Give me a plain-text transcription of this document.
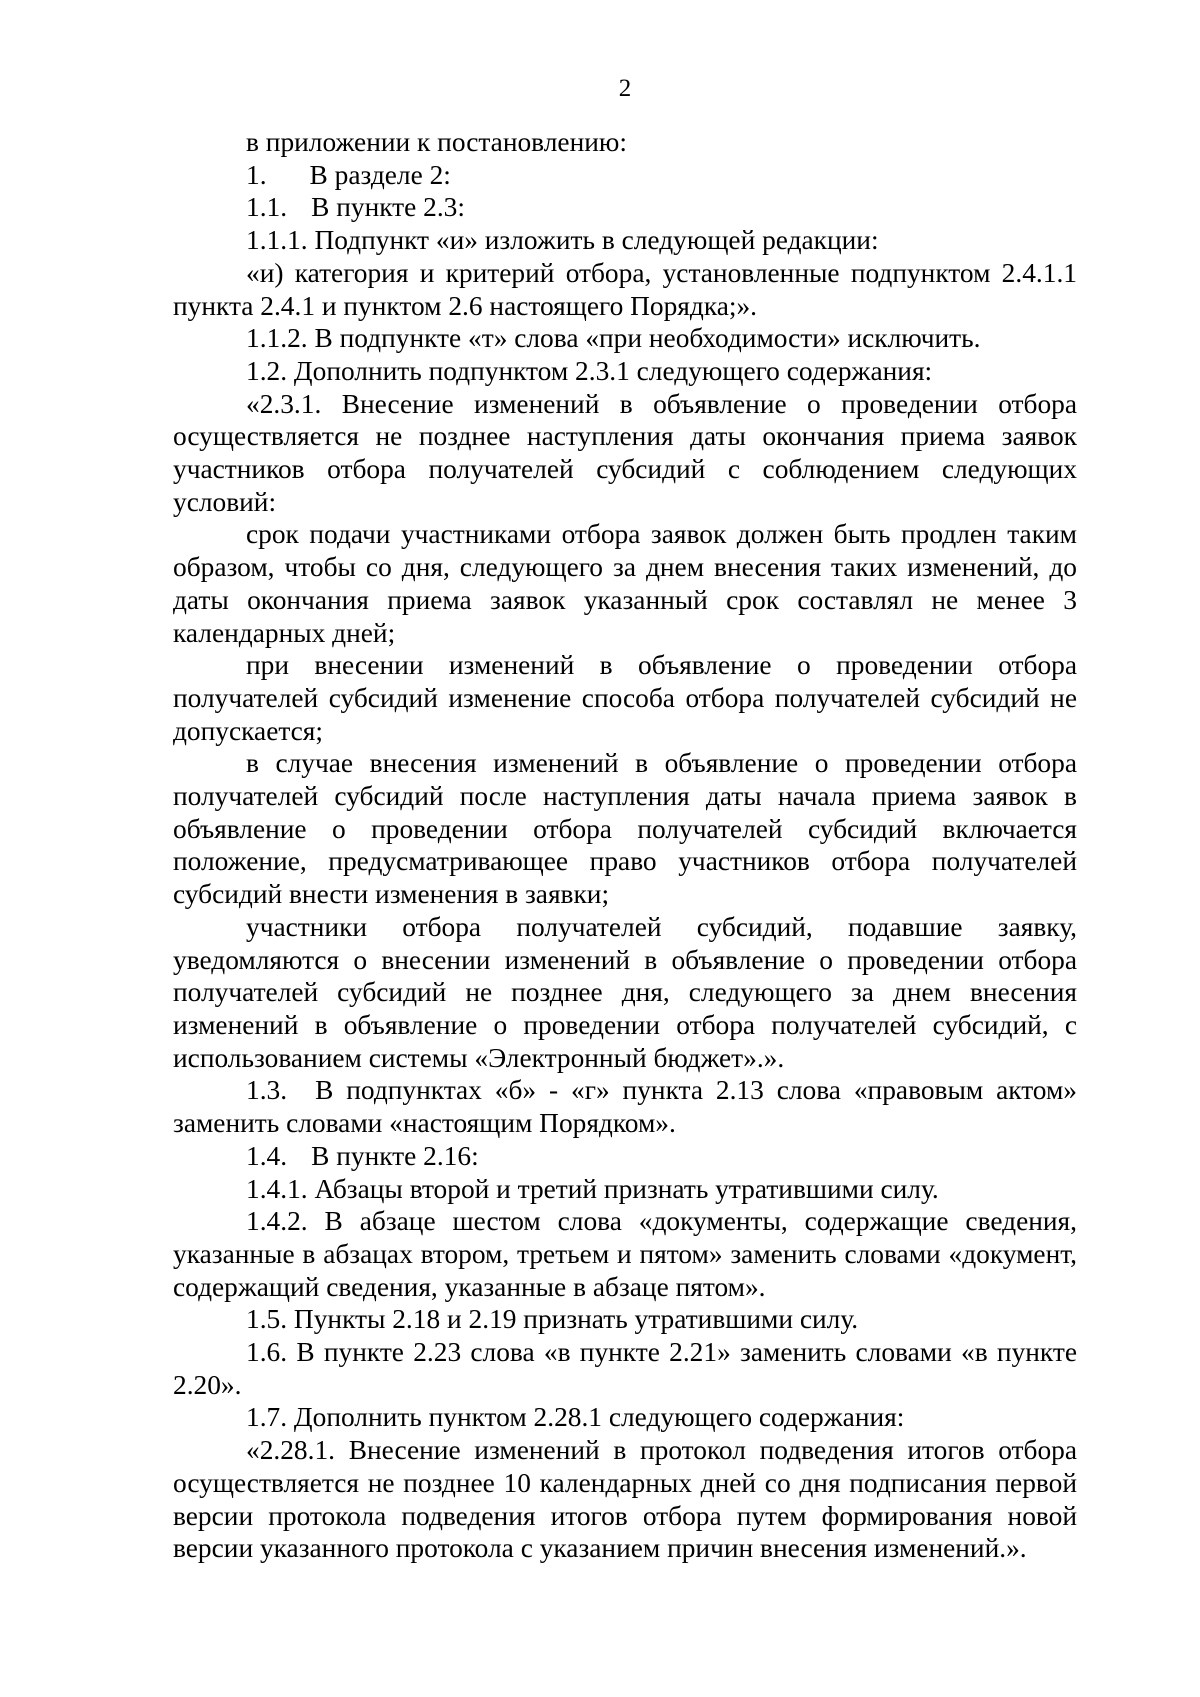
2

в приложении к постановлению:

1. В разделе 2:

1.1. В пункте 2.3:

1.1.1. Подпункт «и» изложить в следующей редакции:

«и) категория и критерий отбора, установленные подпунктом 2.4.1.1 пункта 2.4.1 и пунктом 2.6 настоящего Порядка;».

1.1.2. В подпункте «т» слова «при необходимости» исключить.

1.2. Дополнить подпунктом 2.3.1 следующего содержания:

«2.3.1. Внесение изменений в объявление о проведении отбора осуществляется не позднее наступления даты окончания приема заявок участников отбора получателей субсидий с соблюдением следующих условий:

срок подачи участниками отбора заявок должен быть продлен таким образом, чтобы со дня, следующего за днем внесения таких изменений, до даты окончания приема заявок указанный срок составлял не менее 3 календарных дней;

при внесении изменений в объявление о проведении отбора получателей субсидий изменение способа отбора получателей субсидий не допускается;

в случае внесения изменений в объявление о проведении отбора получателей субсидий после наступления даты начала приема заявок в объявление о проведении отбора получателей субсидий включается положение, предусматривающее право участников отбора получателей субсидий внести изменения в заявки;

участники отбора получателей субсидий, подавшие заявку, уведомляются о внесении изменений в объявление о проведении отбора получателей субсидий не позднее дня, следующего за днем внесения изменений в объявление о проведении отбора получателей субсидий, с использованием системы «Электронный бюджет».».

1.3. В подпунктах «б» - «г» пункта 2.13 слова «правовым актом» заменить словами «настоящим Порядком».

1.4. В пункте 2.16:

1.4.1. Абзацы второй и третий признать утратившими силу.

1.4.2. В абзаце шестом слова «документы, содержащие сведения, указанные в абзацах втором, третьем и пятом» заменить словами «документ, содержащий сведения, указанные в абзаце пятом».

1.5. Пункты 2.18 и 2.19 признать утратившими силу.

1.6. В пункте 2.23 слова «в пункте 2.21» заменить словами «в пункте 2.20».

1.7. Дополнить пунктом 2.28.1 следующего содержания:

«2.28.1. Внесение изменений в протокол подведения итогов отбора осуществляется не позднее 10 календарных дней со дня подписания первой версии протокола подведения итогов отбора путем формирования новой версии указанного протокола с указанием причин внесения изменений.».
